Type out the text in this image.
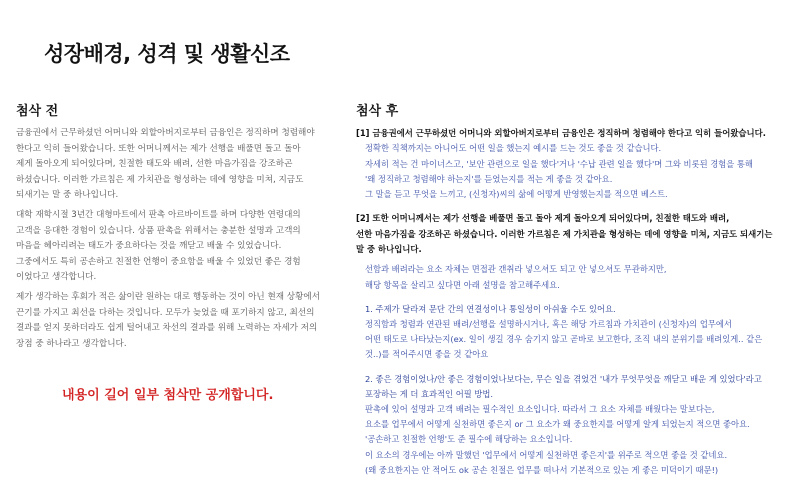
성장배경, 성격 및 생활신조
첨삭 전
금융권에서 근무하셨던 어머니와 외할아버지로부터 금융인은 정직하며 청렴해야
한다고 익히 들어왔습니다. 또한 어머니께서는 제가 선행을 배풀면 돌고 돌아
제게 돌아오게 되어있다며, 친절한 태도와 배려, 선한 마음가짐을 강조하곤
하셨습니다. 이러한 가르침은 제 가치관을 형성하는 데에 영향을 미쳐, 지금도
되새기는 말 중 하나입니다.
대학 재학시절 3년간 대형마트에서 판촉 아르바이트를 하며 다양한 연령대의
고객을 응대한 경험이 있습니다. 상품 판촉을 위해서는 충분한 설명과 고객의
마음을 헤아리려는 태도가 중요하다는 것을 깨닫고 배울 수 있었습니다.
그중에서도 특히 공손하고 친절한 언행이 중요함을 배울 수 있었던 좋은 경험
이었다고 생각합니다.
제가 생각하는 후회가 적은 삶이란 원하는 대로 행동하는 것이 아닌 현재 상황에서
끈기를 가지고 최선을 다하는 것입니다. 모두가 늦었을 때 포기하지 않고, 최선의
결과를 얻지 못하더라도 쉽게 털어내고 차선의 결과를 위해 노력하는 자세가 저의
장점 중 하나라고 생각합니다.
내용이 길어 일부 첨삭만 공개합니다.
첨삭 후
[1] 금융권에서 근무하셨던 어머니와 외할아버지로부터 금융인은 정직하며 청렴해야 한다고 익히 들어왔습니다.
정확한 직책까지는 아니어도 어떤 일을 했는지 예시를 드는 것도 좋을 것 같습니다.
자세히 적는 건 마이너스고, '보안 관련으로 일을 했다'거나 '수납 관련 일을 했다'며 그와 비롯된 경험을 통해
'왜 정직하고 청렴해야 하는지'를 듣었는지를 적는 게 좋을 것 같아요.
그 말을 듣고 무엇을 느끼고, (신청자)씨의 삶에 어떻게 반영했는지를 적으면 베스트.
[2] 또한 어머니께서는 제가 선행을 베풀면 돌고 돌아 제게 돌아오게 되어있다며, 친절한 태도와 배려,
선한 마음가짐을 강조하곤 하셨습니다. 이러한 가르침은 제 가치관을 형성하는 데에 영향을 미쳐, 지금도 되새기는
말 중 하나입니다.
선함과 배려라는 요소 자체는 면접관 갠취라 넣으셔도 되고 안 넣으셔도 무관하지만,
해당 항목을 살리고 싶다면 아래 설명을 참고해주세요.
1. 주제가 달라져 문단 간의 연결성이나 통일성이 아쉬울 수도 있어요.
정직함과 청렴과 연관된 배려/선행을 설명하시거나, 혹은 해당 가르침과 가치관이 (신청자)의 업무에서
어떤 태도로 나타났는지(ex. 일이 생길 경우 숨기지 않고 곧바로 보고한다, 조직 내의 분위기를 배려있게.. 같은
것..)를 적어주시면 좋을 것 같아요
2. 좋은 경험이었나/안 좋은 경험이었나보다는, 무슨 일을 겪었건 '내가 무엇무엇을 깨닫고 배운 게 있었다'라고
포장하는 게 더 효과적인 어필 방법.
판촉에 있어 설명과 고객 배려는 필수적인 요소입니다. 따라서 그 요소 자체를 배웠다는 말보다는,
요소를 업무에서 어떻게 실천하면 좋은지 or 그 요소가 왜 중요한지를 어떻게 알게 되었는지 적으면 좋아요.
'공손하고 친절한 언행'도 준 필수에 해당하는 요소입니다.
이 요소의 경우에는 아까 말했던 '업무에서 어떻게 실천하면 좋은지'를 위주로 적으면 좋을 것 같네요.
(왜 중요한지는 안 적어도 ok 공손 친절은 업무를 떠나서 기본적으로 있는 게 좋은 미덕이기 때문!)
